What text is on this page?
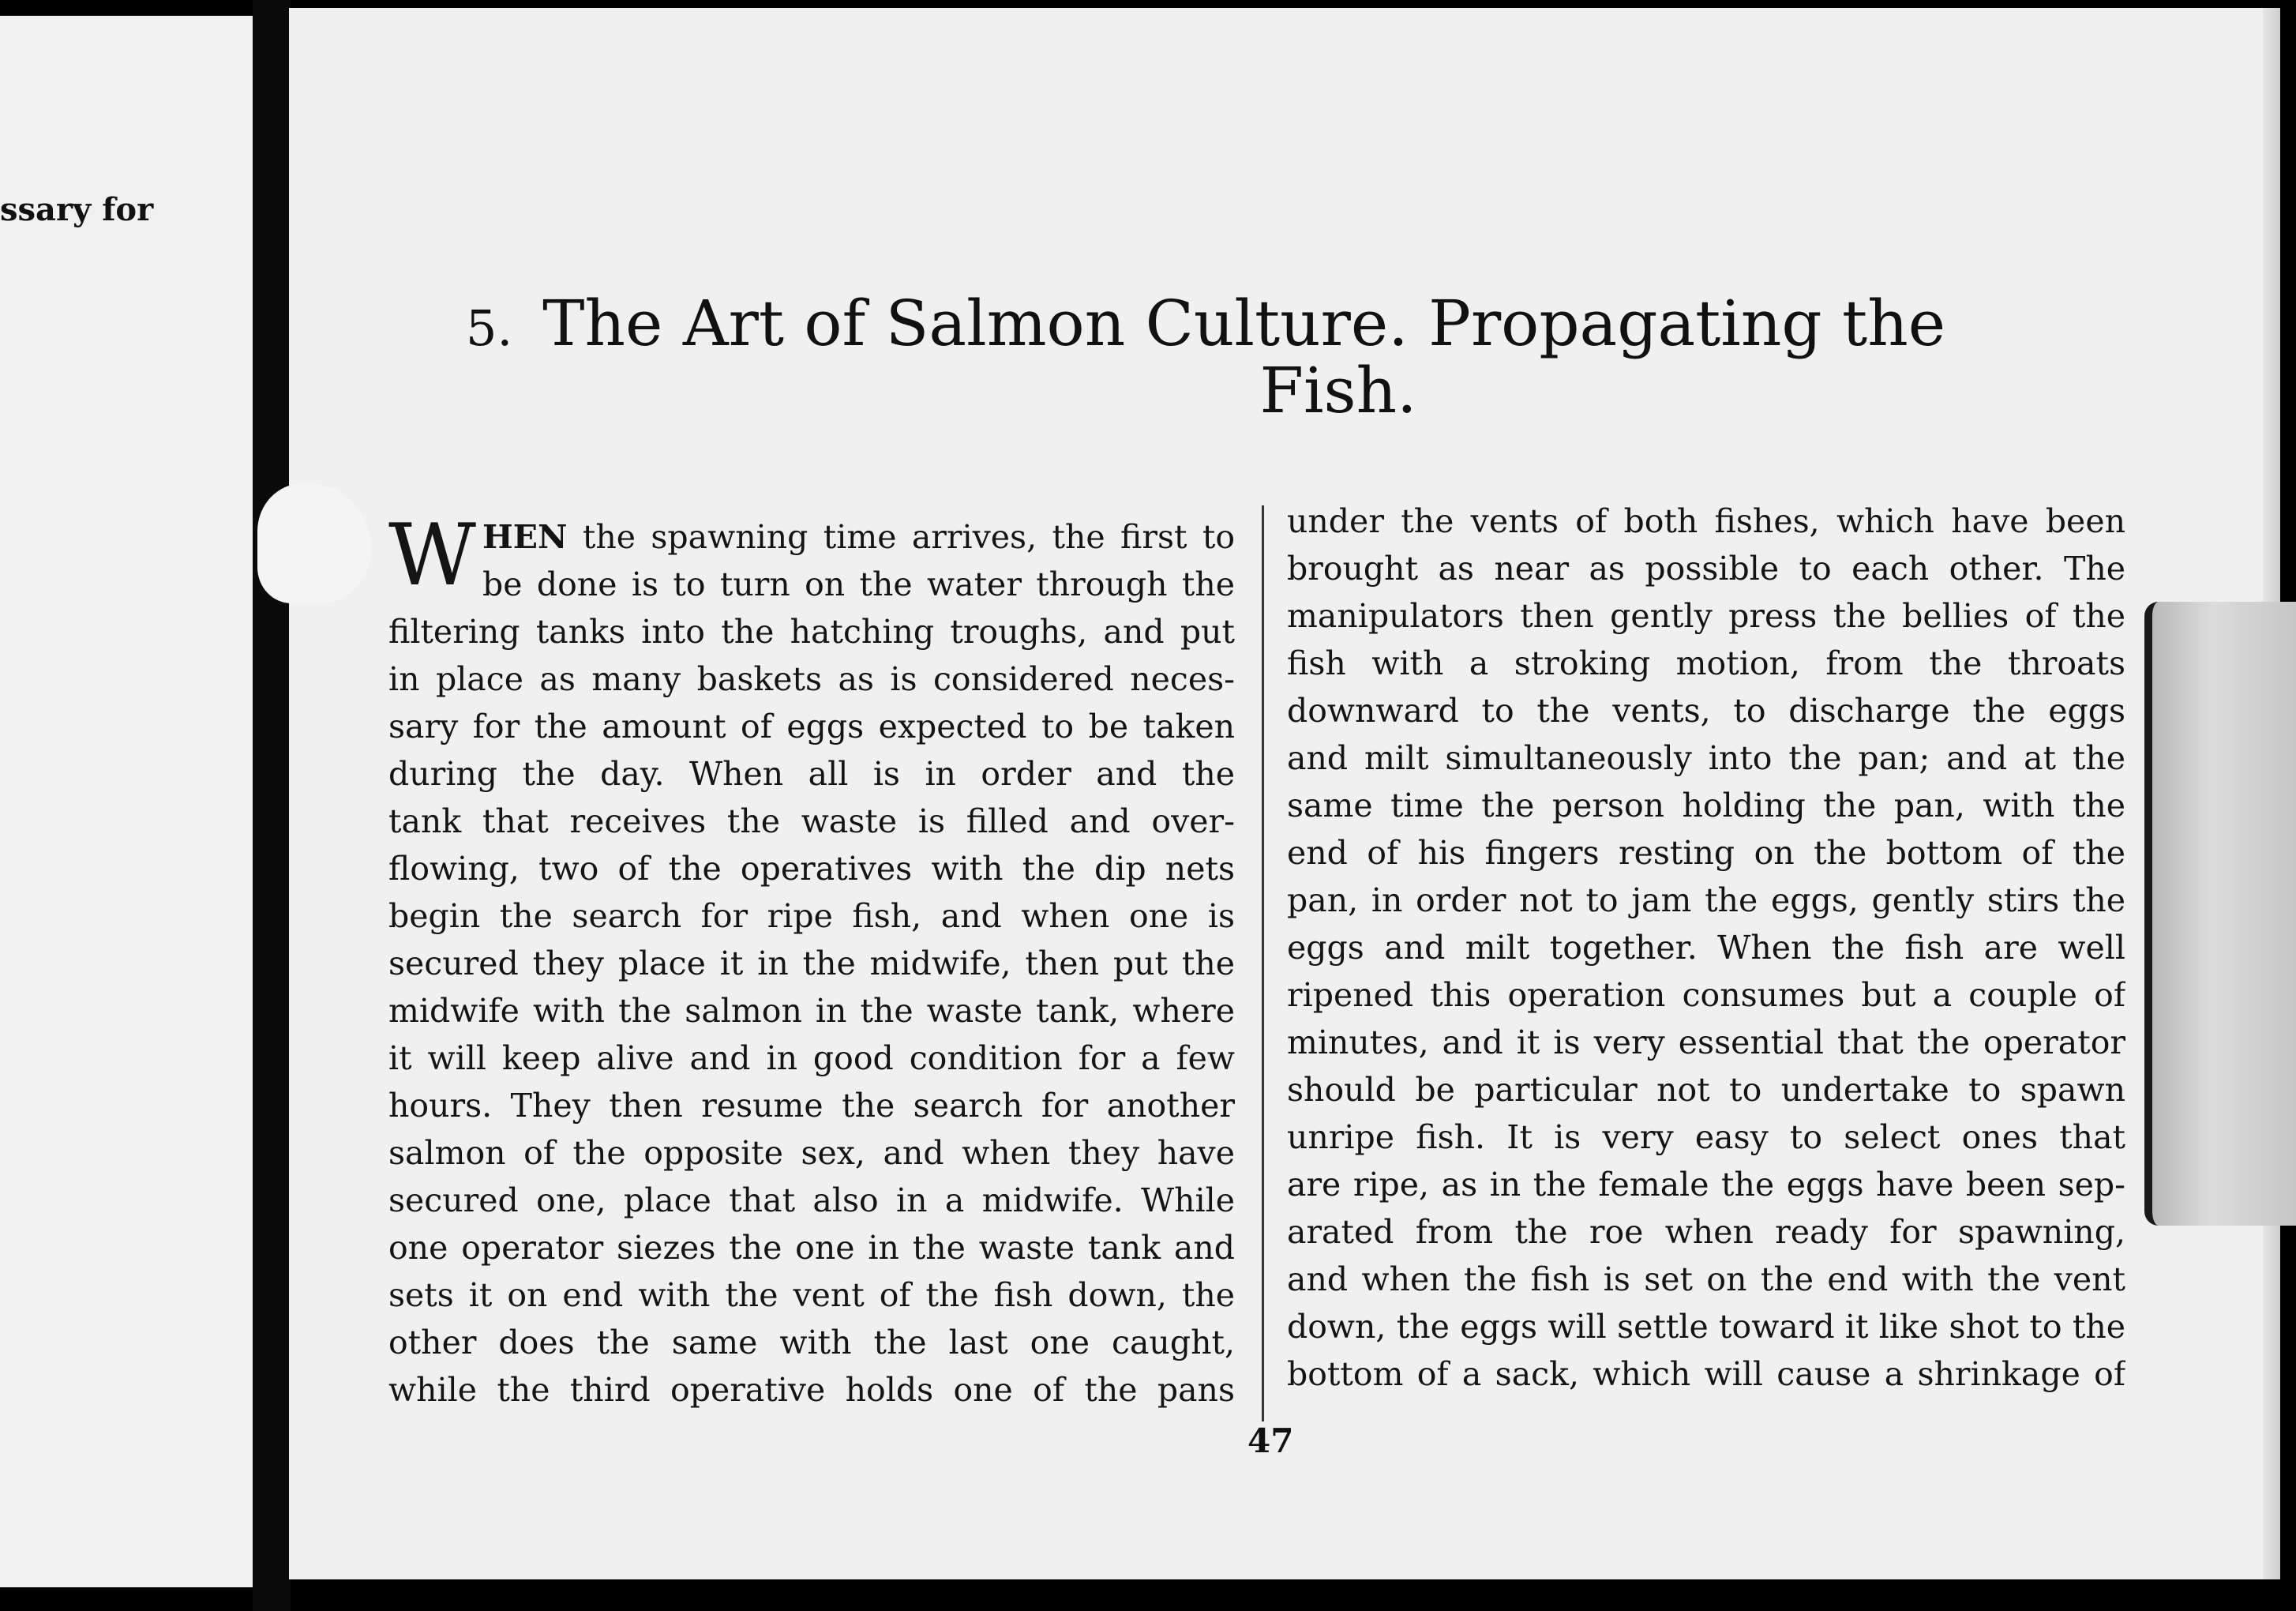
ssary for
5. The Art of Salmon Culture. Propagating the
Fish.
W HEN the spawning time arrives, the first to
be done is to turn on the water through the
filtering tanks into the hatching troughs, and put
in place as many baskets as is considered neces-
sary for the amount of eggs expected to be taken
during the day. When all is in order and the
tank that receives the waste is filled and over-
flowing, two of the operatives with the dip nets
begin the search for ripe fish, and when one is
secured they place it in the midwife, then put the
midwife with the salmon in the waste tank, where
it will keep alive and in good condition for a few
hours. They then resume the search for another
salmon of the opposite sex, and when they have
secured one, place that also in a midwife. While
one operator siezes the one in the waste tank and
sets it on end with the vent of the fish down, the
other does the same with the last one caught,
while the third operative holds one of the pans
under the vents of both fishes, which have been
brought as near as possible to each other. The
manipulators then gently press the bellies of the
fish with a stroking motion, from the throats
downward to the vents, to discharge the eggs
and milt simultaneously into the pan; and at the
same time the person holding the pan, with the
end of his fingers resting on the bottom of the
pan, in order not to jam the eggs, gently stirs the
eggs and milt together. When the fish are well
ripened this operation consumes but a couple of
minutes, and it is very essential that the operator
should be particular not to undertake to spawn
unripe fish. It is very easy to select ones that
are ripe, as in the female the eggs have been sep-
arated from the roe when ready for spawning,
and when the fish is set on the end with the vent
down, the eggs will settle toward it like shot to the
bottom of a sack, which will cause a shrinkage of
47
